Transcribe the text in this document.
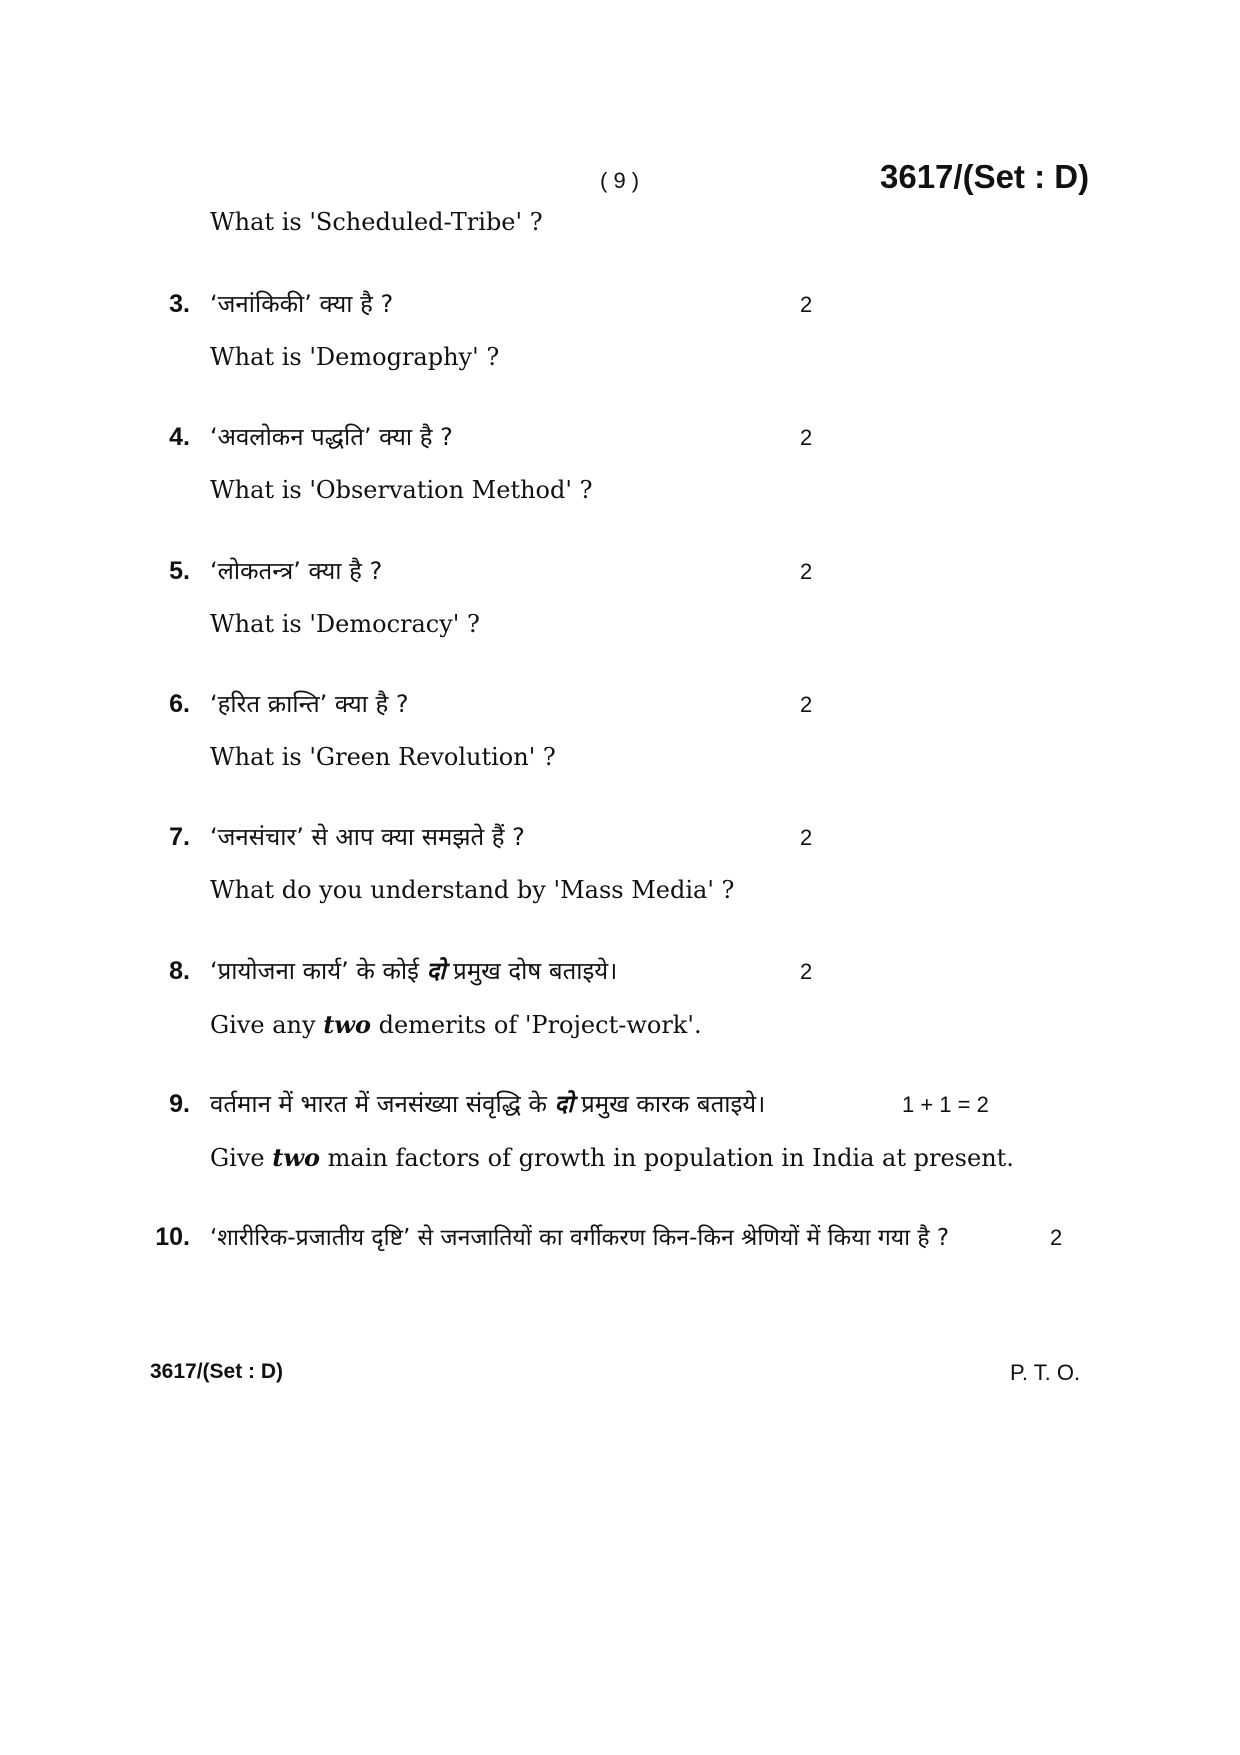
( 9 )	3617/(Set : D)
What is 'Scheduled-Tribe' ?
3. ‘जनांकिकी’ क्या है ?	2
What is 'Demography' ?
4. ‘अवलोकन पद्धति’ क्या है ?	2
What is 'Observation Method' ?
5. ‘लोकतन्त्र’ क्या है ?	2
What is 'Democracy' ?
6. ‘हरित क्रान्ति’ क्या है ?	2
What is 'Green Revolution' ?
7. ‘जनसंचार’ से आप क्या समझते हैं ?	2
What do you understand by 'Mass Media' ?
8. ‘प्रायोजना कार्य’ के कोई दो प्रमुख दोष बताइये।	2
Give any two demerits of 'Project-work'.
9. वर्तमान में भारत में जनसंख्या संवृद्धि के दो प्रमुख कारक बताइये।	1 + 1 = 2
Give two main factors of growth in population in India at present.
10. ‘शारीरिक-प्रजातीय दृष्टि’ से जनजातियों का वर्गीकरण किन-किन श्रेणियों में किया गया है ?	2
3617/(Set : D)	P. T. O.
